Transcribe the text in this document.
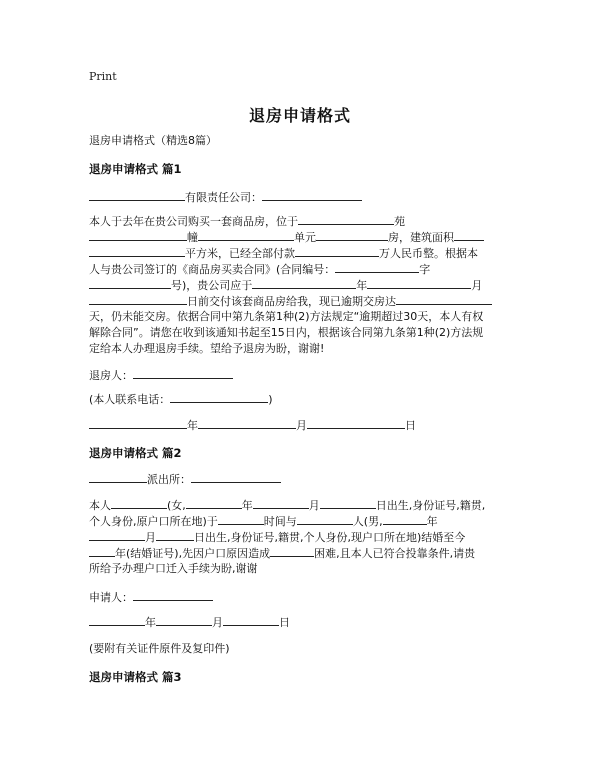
Print
退房申请格式
退房申请格式（精选8篇）
退房申请格式 篇1
有限责任公司：
本人于去年在贵公司购买一套商品房，位于	苑
幢	单元	房，建筑面积
平方米，已经全部付款	万人民币整。根据本
人与贵公司签订的《商品房买卖合同》(合同编号：	字
号)，贵公司应于	年	月
日前交付该套商品房给我，现已逾期交房达
天，仍未能交房。依据合同中第九条第1种(2)方法规定“逾期超过30天，本人有权
解除合同”。请您在收到该通知书起至15日内，根据该合同第九条第1种(2)方法规
定给本人办理退房手续。望给予退房为盼，谢谢!
退房人：
(本人联系电话：	)
年	月	日
退房申请格式 篇2
派出所：
本人	(女,	年	月	日出生,身份证号,籍贯,
个人身份,原户口所在地)于	时间与	人(男,	年
月	日出生,身份证号,籍贯,个人身份,现户口所在地)结婚至今
年(结婚证号),先因户口原因造成	困难,且本人已符合投靠条件,请贵
所给予办理户口迁入手续为盼,谢谢
申请人：
年	月	日
(要附有关证件原件及复印件)
退房申请格式 篇3
